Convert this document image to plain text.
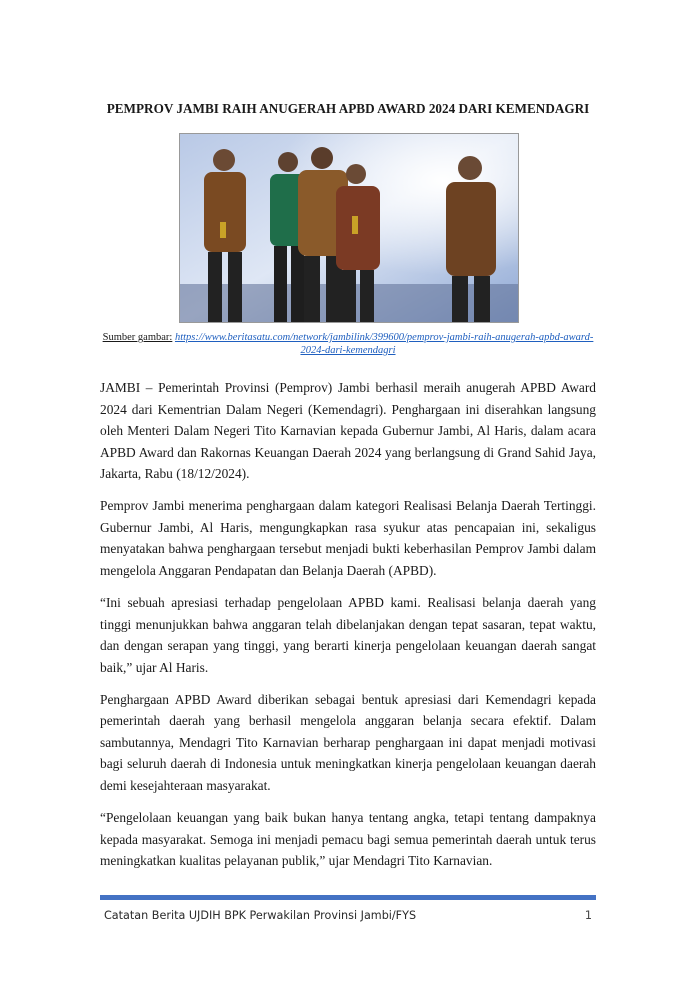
PEMPROV JAMBI RAIH ANUGERAH APBD AWARD 2024 DARI KEMENDAGRI
Sumber gambar: https://www.beritasatu.com/network/jambilink/399600/pemprov-jambi-raih-anugerah-apbd-award-2024-dari-kemendagri

JAMBI – Pemerintah Provinsi (Pemprov) Jambi berhasil meraih anugerah APBD Award 2024 dari Kementrian Dalam Negeri (Kemendagri). Penghargaan ini diserahkan langsung oleh Menteri Dalam Negeri Tito Karnavian kepada Gubernur Jambi, Al Haris, dalam acara APBD Award dan Rakornas Keuangan Daerah 2024 yang berlangsung di Grand Sahid Jaya, Jakarta, Rabu (18/12/2024).

Pemprov Jambi menerima penghargaan dalam kategori Realisasi Belanja Daerah Tertinggi. Gubernur Jambi, Al Haris, mengungkapkan rasa syukur atas pencapaian ini, sekaligus menyatakan bahwa penghargaan tersebut menjadi bukti keberhasilan Pemprov Jambi dalam mengelola Anggaran Pendapatan dan Belanja Daerah (APBD).

“Ini sebuah apresiasi terhadap pengelolaan APBD kami. Realisasi belanja daerah yang tinggi menunjukkan bahwa anggaran telah dibelanjakan dengan tepat sasaran, tepat waktu, dan dengan serapan yang tinggi, yang berarti kinerja pengelolaan keuangan daerah sangat baik,” ujar Al Haris.

Penghargaan APBD Award diberikan sebagai bentuk apresiasi dari Kemendagri kepada pemerintah daerah yang berhasil mengelola anggaran belanja secara efektif. Dalam sambutannya, Mendagri Tito Karnavian berharap penghargaan ini dapat menjadi motivasi bagi seluruh daerah di Indonesia untuk meningkatkan kinerja pengelolaan keuangan daerah demi kesejahteraan masyarakat.

“Pengelolaan keuangan yang baik bukan hanya tentang angka, tetapi tentang dampaknya kepada masyarakat. Semoga ini menjadi pemacu bagi semua pemerintah daerah untuk terus meningkatkan kualitas pelayanan publik,” ujar Mendagri Tito Karnavian.

Catatan Berita UJDIH BPK Perwakilan Provinsi Jambi/FYS	1
